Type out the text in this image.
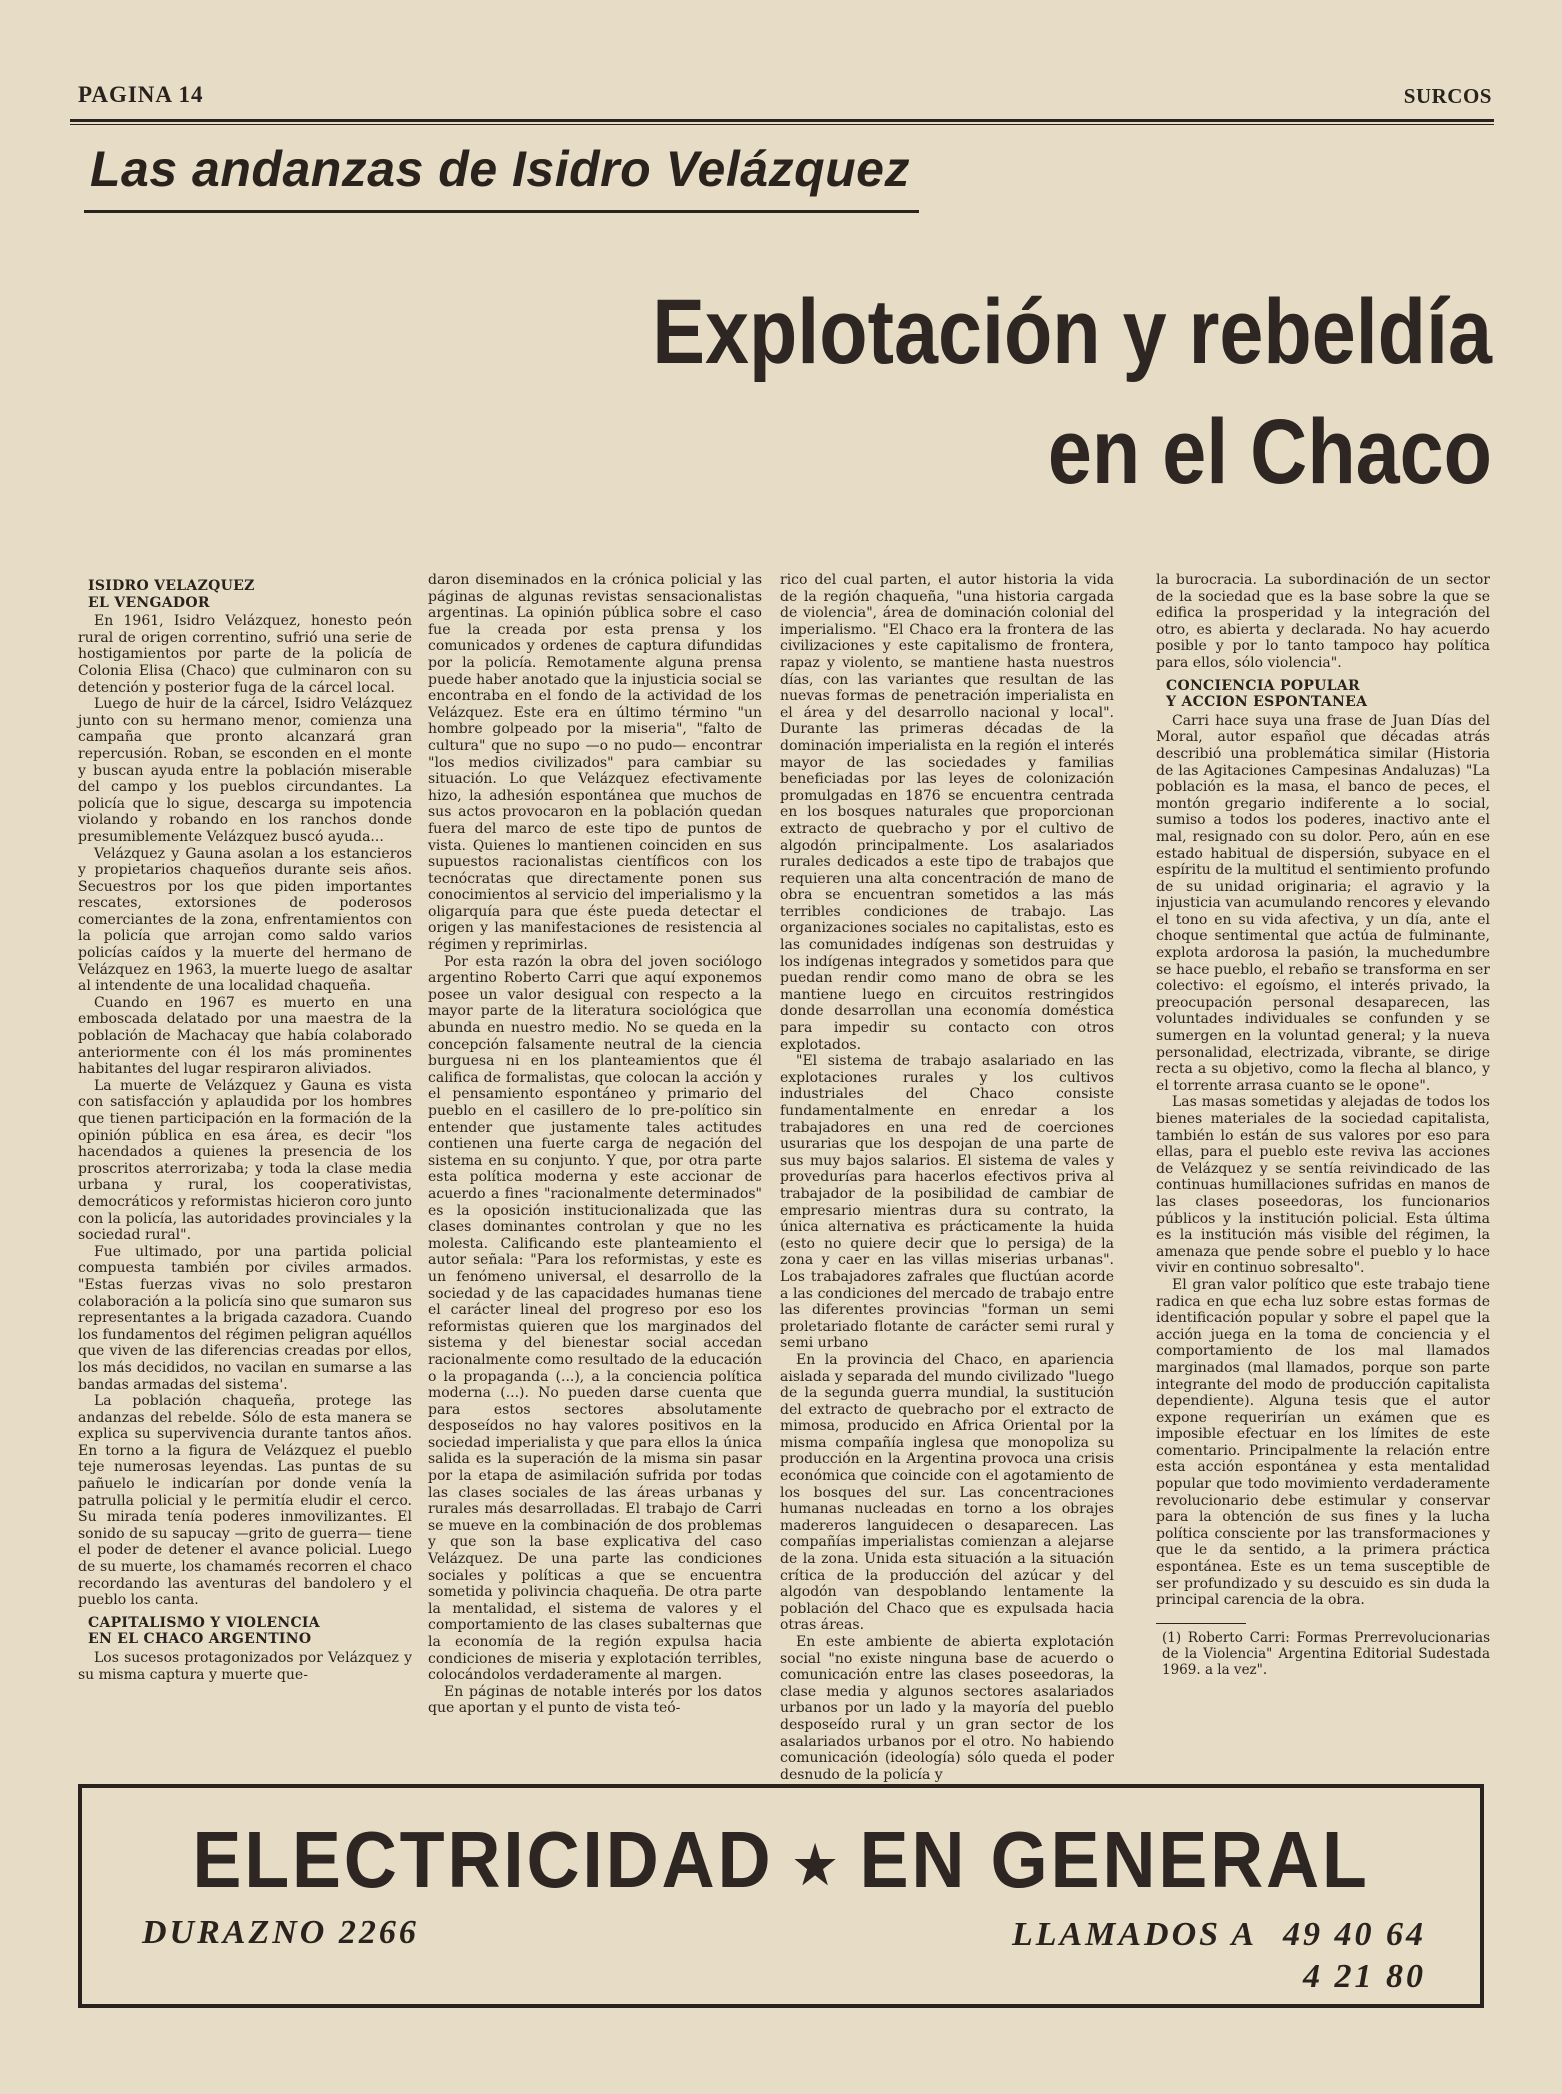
PAGINA 14	SURCOS
Las andanzas de Isidro Velázquez
Explotación y rebeldía
en el Chaco
ISIDRO VELAZQUEZ
EL VENGADOR

En 1961, Isidro Velázquez, honesto peón rural de origen correntino, sufrió una serie de hostigamientos por parte de la policía de Colonia Elisa (Chaco) que culminaron con su detención y posterior fuga de la cárcel local.

Luego de huir de la cárcel, Isidro Velázquez junto con su hermano menor, comienza una campaña que pronto alcanzará gran repercusión. Roban, se esconden en el monte y buscan ayuda entre la población miserable del campo y los pueblos circundantes. La policía que lo sigue, descarga su impotencia violando y robando en los ranchos donde presumiblemente Velázquez buscó ayuda...

Velázquez y Gauna asolan a los estancieros y propietarios chaqueños durante seis años. Secuestros por los que piden importantes rescates, extorsiones de poderosos comerciantes de la zona, enfrentamientos con la policía que arrojan como saldo varios policías caídos y la muerte del hermano de Velázquez en 1963, la muerte luego de asaltar al intendente de una localidad chaqueña.

Cuando en 1967 es muerto en una emboscada delatado por una maestra de la población de Machacay que había colaborado anteriormente con él los más prominentes habitantes del lugar respiraron aliviados.

La muerte de Velázquez y Gauna es vista con satisfacción y aplaudida por los hombres que tienen participación en la formación de la opinión pública en esa área, es decir "los hacendados a quienes la presencia de los proscritos aterrorizaba; y toda la clase media urbana y rural, los cooperativistas, democráticos y reformistas hicieron coro junto con la policía, las autoridades provinciales y la sociedad rural".

Fue ultimado, por una partida policial compuesta también por civiles armados. "Estas fuerzas vivas no solo prestaron colaboración a la policía sino que sumaron sus representantes a la brigada cazadora. Cuando los fundamentos del régimen peligran aquéllos que viven de las diferencias creadas por ellos, los más decididos, no vacilan en sumarse a las bandas armadas del sistema'.

La población chaqueña, protege las andanzas del rebelde. Sólo de esta manera se explica su supervivencia durante tantos años. En torno a la figura de Velázquez el pueblo teje numerosas leyendas. Las puntas de su pañuelo le indicarían por donde venía la patrulla policial y le permitía eludir el cerco. Su mirada tenía poderes inmovilizantes. El sonido de su sapucay —grito de guerra— tiene el poder de detener el avance policial. Luego de su muerte, los chamamés recorren el chaco recordando las aventuras del bandolero y el pueblo los canta.

CAPITALISMO Y VIOLENCIA
EN EL CHACO ARGENTINO

Los sucesos protagonizados por Velázquez y su misma captura y muerte que-

daron diseminados en la crónica policial y las páginas de algunas revistas sensacionalistas argentinas. La opinión pública sobre el caso fue la creada por esta prensa y los comunicados y ordenes de captura difundidas por la policía. Remotamente alguna prensa puede haber anotado que la injusticia social se encontraba en el fondo de la actividad de los Velázquez. Este era en último término "un hombre golpeado por la miseria", "falto de cultura" que no supo —o no pudo— encontrar "los medios civilizados" para cambiar su situación. Lo que Velázquez efectivamente hizo, la adhesión espontánea que muchos de sus actos provocaron en la población quedan fuera del marco de este tipo de puntos de vista. Quienes lo mantienen coinciden en sus supuestos racionalistas científicos con los tecnócratas que directamente ponen sus conocimientos al servicio del imperialismo y la oligarquía para que éste pueda detectar el origen y las manifestaciones de resistencia al régimen y reprimirlas.

Por esta razón la obra del joven sociólogo argentino Roberto Carri que aquí exponemos posee un valor desigual con respecto a la mayor parte de la literatura sociológica que abunda en nuestro medio. No se queda en la concepción falsamente neutral de la ciencia burguesa ni en los planteamientos que él califica de formalistas, que colocan la acción y el pensamiento espontáneo y primario del pueblo en el casillero de lo pre-político sin entender que justamente tales actitudes contienen una fuerte carga de negación del sistema en su conjunto. Y que, por otra parte esta política moderna y este accionar de acuerdo a fines "racionalmente determinados" es la oposición institucionalizada que las clases dominantes controlan y que no les molesta. Calificando este planteamiento el autor señala: "Para los reformistas, y este es un fenómeno universal, el desarrollo de la sociedad y de las capacidades humanas tiene el carácter lineal del progreso por eso los reformistas quieren que los marginados del sistema y del bienestar social accedan racionalmente como resultado de la educación o la propaganda (...), a la conciencia política moderna (...). No pueden darse cuenta que para estos sectores absolutamente desposeídos no hay valores positivos en la sociedad imperialista y que para ellos la única salida es la superación de la misma sin pasar por la etapa de asimilación sufrida por todas las clases sociales de las áreas urbanas y rurales más desarrolladas. El trabajo de Carri se mueve en la combinación de dos problemas y que son la base explicativa del caso Velázquez. De una parte las condiciones sociales y políticas a que se encuentra sometida y polivincia chaqueña. De otra parte la mentalidad, el sistema de valores y el comportamiento de las clases subalternas que la economía de la región expulsa hacia condiciones de miseria y explotación terribles, colocándolos verdaderamente al margen.

En páginas de notable interés por los datos que aportan y el punto de vista teó-

rico del cual parten, el autor historia la vida de la región chaqueña, "una historia cargada de violencia", área de dominación colonial del imperialismo. "El Chaco era la frontera de las civilizaciones y este capitalismo de frontera, rapaz y violento, se mantiene hasta nuestros días, con las variantes que resultan de las nuevas formas de penetración imperialista en el área y del desarrollo nacional y local". Durante las primeras décadas de la dominación imperialista en la región el interés mayor de las sociedades y familias beneficiadas por las leyes de colonización promulgadas en 1876 se encuentra centrada en los bosques naturales que proporcionan extracto de quebracho y por el cultivo de algodón principalmente. Los asalariados rurales dedicados a este tipo de trabajos que requieren una alta concentración de mano de obra se encuentran sometidos a las más terribles condiciones de trabajo. Las organizaciones sociales no capitalistas, esto es las comunidades indígenas son destruidas y los indígenas integrados y sometidos para que puedan rendir como mano de obra se les mantiene luego en circuitos restringidos donde desarrollan una economía doméstica para impedir su contacto con otros explotados.

"El sistema de trabajo asalariado en las explotaciones rurales y los cultivos industriales del Chaco consiste fundamentalmente en enredar a los trabajadores en una red de coerciones usurarias que los despojan de una parte de sus muy bajos salarios. El sistema de vales y provedurías para hacerlos efectivos priva al trabajador de la posibilidad de cambiar de empresario mientras dura su contrato, la única alternativa es prácticamente la huida (esto no quiere decir que lo persiga) de la zona y caer en las villas miserias urbanas". Los trabajadores zafrales que fluctúan acorde a las condiciones del mercado de trabajo entre las diferentes provincias "forman un semi proletariado flotante de carácter semi rural y semi urbano

En la provincia del Chaco, en apariencia aislada y separada del mundo civilizado "luego de la segunda guerra mundial, la sustitución del extracto de quebracho por el extracto de mimosa, producido en Africa Oriental por la misma compañía inglesa que monopoliza su producción en la Argentina provoca una crisis económica que coincide con el agotamiento de los bosques del sur. Las concentraciones humanas nucleadas en torno a los obrajes madereros languidecen o desaparecen. Las compañías imperialistas comienzan a alejarse de la zona. Unida esta situación a la situación crítica de la producción del azúcar y del algodón van despoblando lentamente la población del Chaco que es expulsada hacia otras áreas.

En este ambiente de abierta explotación social "no existe ninguna base de acuerdo o comunicación entre las clases poseedoras, la clase media y algunos sectores asalariados urbanos por un lado y la mayoría del pueblo desposeído rural y un gran sector de los asalariados urbanos por el otro. No habiendo comunicación (ideología) sólo queda el poder desnudo de la policía y

la burocracia. La subordinación de un sector de la sociedad que es la base sobre la que se edifica la prosperidad y la integración del otro, es abierta y declarada. No hay acuerdo posible y por lo tanto tampoco hay política para ellos, sólo violencia".

CONCIENCIA POPULAR
Y ACCION ESPONTANEA

Carri hace suya una frase de Juan Días del Moral, autor español que décadas atrás describió una problemática similar (Historia de las Agitaciones Campesinas Andaluzas) "La población es la masa, el banco de peces, el montón gregario indiferente a lo social, sumiso a todos los poderes, inactivo ante el mal, resignado con su dolor. Pero, aún en ese estado habitual de dispersión, subyace en el espíritu de la multitud el sentimiento profundo de su unidad originaria; el agravio y la injusticia van acumulando rencores y elevando el tono en su vida afectiva, y un día, ante el choque sentimental que actúa de fulminante, explota ardorosa la pasión, la muchedumbre se hace pueblo, el rebaño se transforma en ser colectivo: el egoísmo, el interés privado, la preocupación personal desaparecen, las voluntades individuales se confunden y se sumergen en la voluntad general; y la nueva personalidad, electrizada, vibrante, se dirige recta a su objetivo, como la flecha al blanco, y el torrente arrasa cuanto se le opone".

Las masas sometidas y alejadas de todos los bienes materiales de la sociedad capitalista, también lo están de sus valores por eso para ellas, para el pueblo este reviva las acciones de Velázquez y se sentía reivindicado de las continuas humillaciones sufridas en manos de las clases poseedoras, los funcionarios públicos y la institución policial. Esta última es la institución más visible del régimen, la amenaza que pende sobre el pueblo y lo hace vivir en continuo sobresalto".

El gran valor político que este trabajo tiene radica en que echa luz sobre estas formas de identificación popular y sobre el papel que la acción juega en la toma de conciencia y el comportamiento de los mal llamados marginados (mal llamados, porque son parte integrante del modo de producción capitalista dependiente). Alguna tesis que el autor expone requerirían un exámen que es imposible efectuar en los límites de este comentario. Principalmente la relación entre esta acción espontánea y esta mentalidad popular que todo movimiento verdaderamente revolucionario debe estimular y conservar para la obtención de sus fines y la lucha política consciente por las transformaciones y que le da sentido, a la primera práctica espontánea. Este es un tema susceptible de ser profundizado y su descuido es sin duda la principal carencia de la obra.

(1) Roberto Carri: Formas Prerrevolucionarias de la Violencia" Argentina Editorial Sudestada 1969. a la vez".

ELECTRICIDAD ★ EN GENERAL
DURAZNO 2266	LLAMADOS A 49 40 64
4 21 80
